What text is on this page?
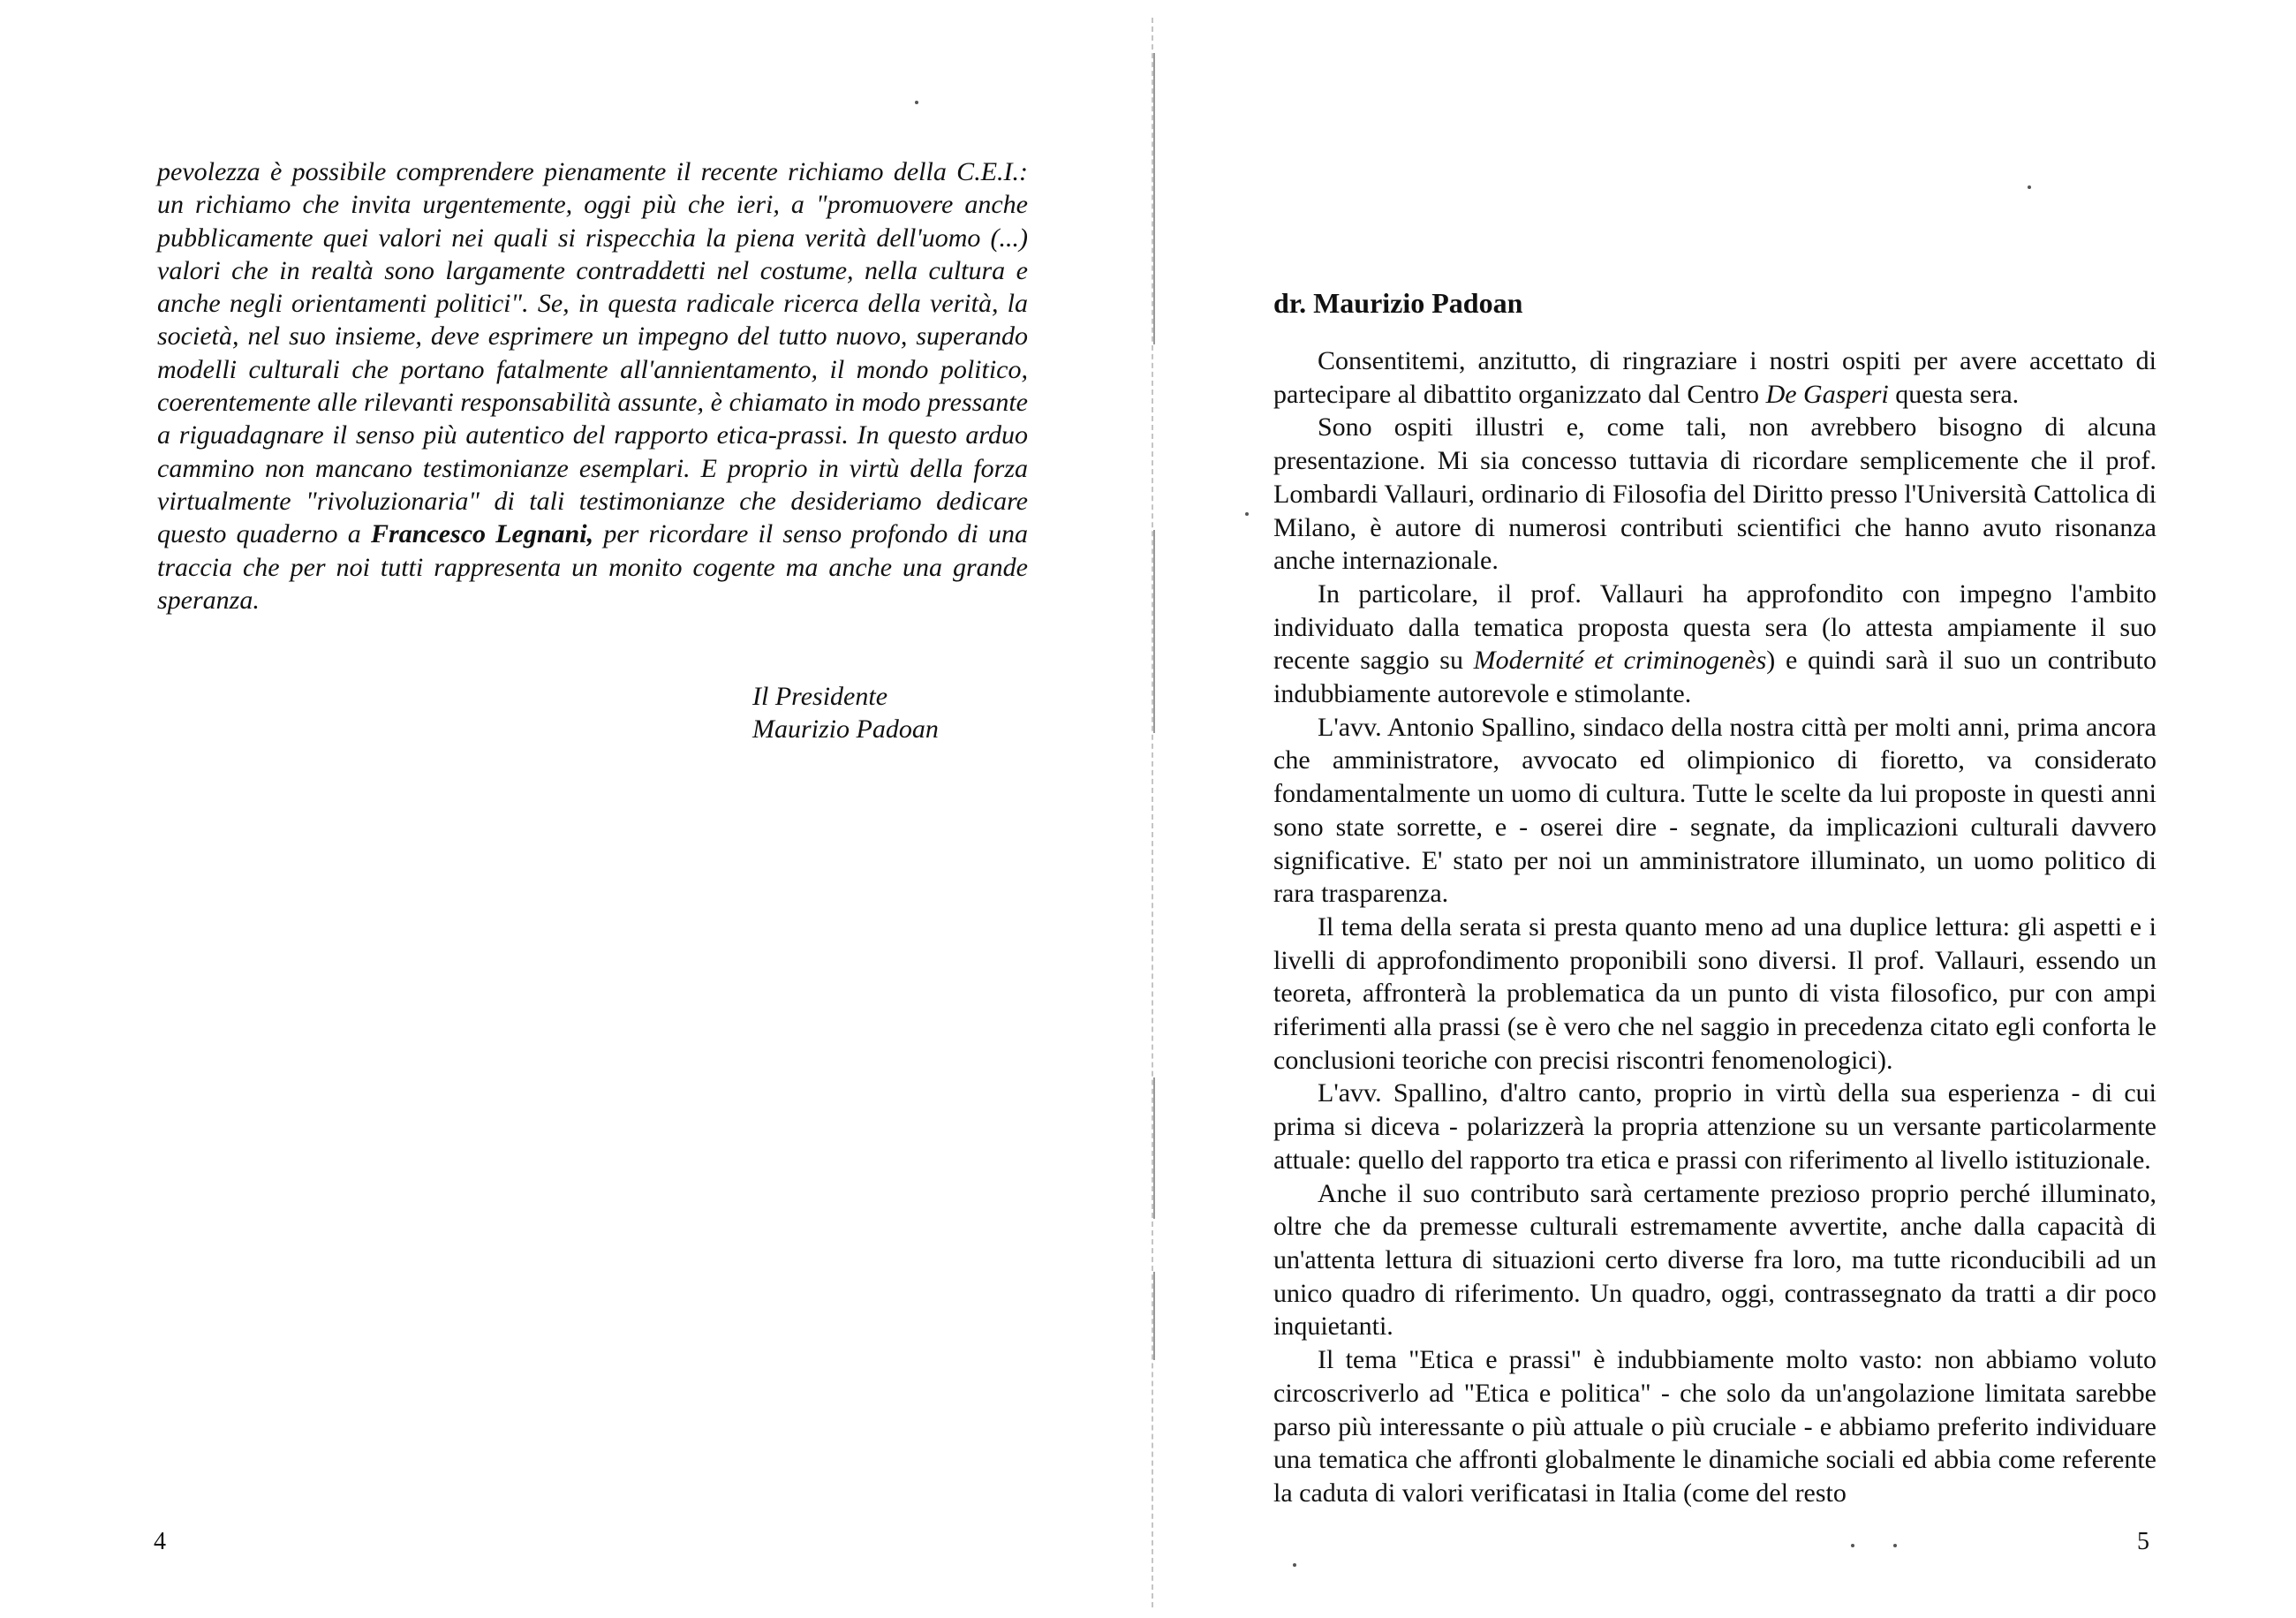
pevolezza è possibile comprendere pienamente il recente richiamo della C.E.I.: un richiamo che invita urgentemente, oggi più che ieri, a "promuovere anche pubblicamente quei valori nei quali si rispecchia la piena verità dell'uomo (...) valori che in realtà sono largamente contraddetti nel costume, nella cultura e anche negli orientamenti politici". Se, in questa radicale ricerca della verità, la società, nel suo insieme, deve esprimere un impegno del tutto nuovo, superando modelli culturali che portano fatalmente all'annientamento, il mondo politico, coerentemente alle rilevanti responsabilità assunte, è chiamato in modo pressante a riguadagnare il senso più autentico del rapporto etica-prassi. In questo arduo cammino non mancano testimonianze esemplari. E proprio in virtù della forza virtualmente "rivoluzionaria" di tali testimonianze che desideriamo dedicare questo quaderno a Francesco Legnani, per ricordare il senso profondo di una traccia che per noi tutti rappresenta un monito cogente ma anche una grande speranza.

Il Presidente
Maurizio Padoan
4
dr. Maurizio Padoan

Consentitemi, anzitutto, di ringraziare i nostri ospiti per avere accettato di partecipare al dibattito organizzato dal Centro De Gasperi questa sera.

Sono ospiti illustri e, come tali, non avrebbero bisogno di alcuna presentazione. Mi sia concesso tuttavia di ricordare semplicemente che il prof. Lombardi Vallauri, ordinario di Filosofia del Diritto presso l'Università Cattolica di Milano, è autore di numerosi contributi scientifici che hanno avuto risonanza anche internazionale.

In particolare, il prof. Vallauri ha approfondito con impegno l'ambito individuato dalla tematica proposta questa sera (lo attesta ampiamente il suo recente saggio su Modernité et criminogenès) e quindi sarà il suo un contributo indubbiamente autorevole e stimolante.

L'avv. Antonio Spallino, sindaco della nostra città per molti anni, prima ancora che amministratore, avvocato ed olimpionico di fioretto, va considerato fondamentalmente un uomo di cultura. Tutte le scelte da lui proposte in questi anni sono state sorrette, e - oserei dire - segnate, da implicazioni culturali davvero significative. E' stato per noi un amministratore illuminato, un uomo politico di rara trasparenza.

Il tema della serata si presta quanto meno ad una duplice lettura: gli aspetti e i livelli di approfondimento proponibili sono diversi. Il prof. Vallauri, essendo un teoreta, affronterà la problematica da un punto di vista filosofico, pur con ampi riferimenti alla prassi (se è vero che nel saggio in precedenza citato egli conforta le conclusioni teoriche con precisi riscontri fenomenologici).

L'avv. Spallino, d'altro canto, proprio in virtù della sua esperienza - di cui prima si diceva - polarizzerà la propria attenzione su un versante particolarmente attuale: quello del rapporto tra etica e prassi con riferimento al livello istituzionale.

Anche il suo contributo sarà certamente prezioso proprio perché illuminato, oltre che da premesse culturali estremamente avvertite, anche dalla capacità di un'attenta lettura di situazioni certo diverse fra loro, ma tutte riconducibili ad un unico quadro di riferimento. Un quadro, oggi, contrassegnato da tratti a dir poco inquietanti.

Il tema "Etica e prassi" è indubbiamente molto vasto: non abbiamo voluto circoscriverlo ad "Etica e politica" - che solo da un'angolazione limitata sarebbe parso più interessante o più attuale o più cruciale - e abbiamo preferito individuare una tematica che affronti globalmente le dinamiche sociali ed abbia come referente la caduta di valori verificatasi in Italia (come del resto

5
